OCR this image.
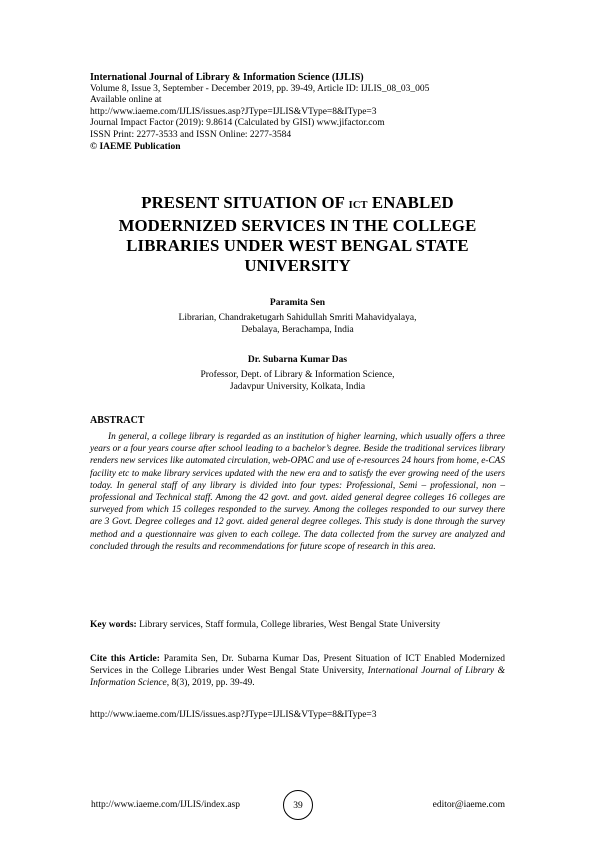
International Journal of Library & Information Science (IJLIS)
Volume 8, Issue 3, September - December 2019, pp. 39-49, Article ID: IJLIS_08_03_005
Available online at
http://www.iaeme.com/IJLIS/issues.asp?JType=IJLIS&VType=8&IType=3
Journal Impact Factor (2019): 9.8614 (Calculated by GISI) www.jifactor.com
ISSN Print: 2277-3533 and ISSN Online: 2277-3584
© IAEME Publication
PRESENT SITUATION OF ICT ENABLED
MODERNIZED SERVICES IN THE COLLEGE
LIBRARIES UNDER WEST BENGAL STATE
UNIVERSITY
Paramita Sen
Librarian, Chandraketugarh Sahidullah Smriti Mahavidyalaya,
Debalaya, Berachampa, India
Dr. Subarna Kumar Das
Professor, Dept. of Library & Information Science,
Jadavpur University, Kolkata, India
ABSTRACT

In general, a college library is regarded as an institution of higher learning, which usually offers a three years or a four years course after school leading to a bachelor’s degree. Beside the traditional services library renders new services like automated circulation, web-OPAC and use of e-resources 24 hours from home, e-CAS facility etc to make library services updated with the new era and to satisfy the ever growing need of the users today. In general staff of any library is divided into four types: Professional, Semi – professional, non – professional and Technical staff. Among the 42 govt. and govt. aided general degree colleges 16 colleges are surveyed from which 15 colleges responded to the survey. Among the colleges responded to our survey there are 3 Govt. Degree colleges and 12 govt. aided general degree colleges. This study is done through the survey method and a questionnaire was given to each college. The data collected from the survey are analyzed and concluded through the results and recommendations for future scope of research in this area.

Key words: Library services, Staff formula, College libraries, West Bengal State University
Cite this Article: Paramita Sen, Dr. Subarna Kumar Das, Present Situation of ICT Enabled Modernized Services in the College Libraries under West Bengal State University, International Journal of Library & Information Science, 8(3), 2019, pp. 39-49.
http://www.iaeme.com/IJLIS/issues.asp?JType=IJLIS&VType=8&IType=3
http://www.iaeme.com/IJLIS/index.asp	39	editor@iaeme.com
